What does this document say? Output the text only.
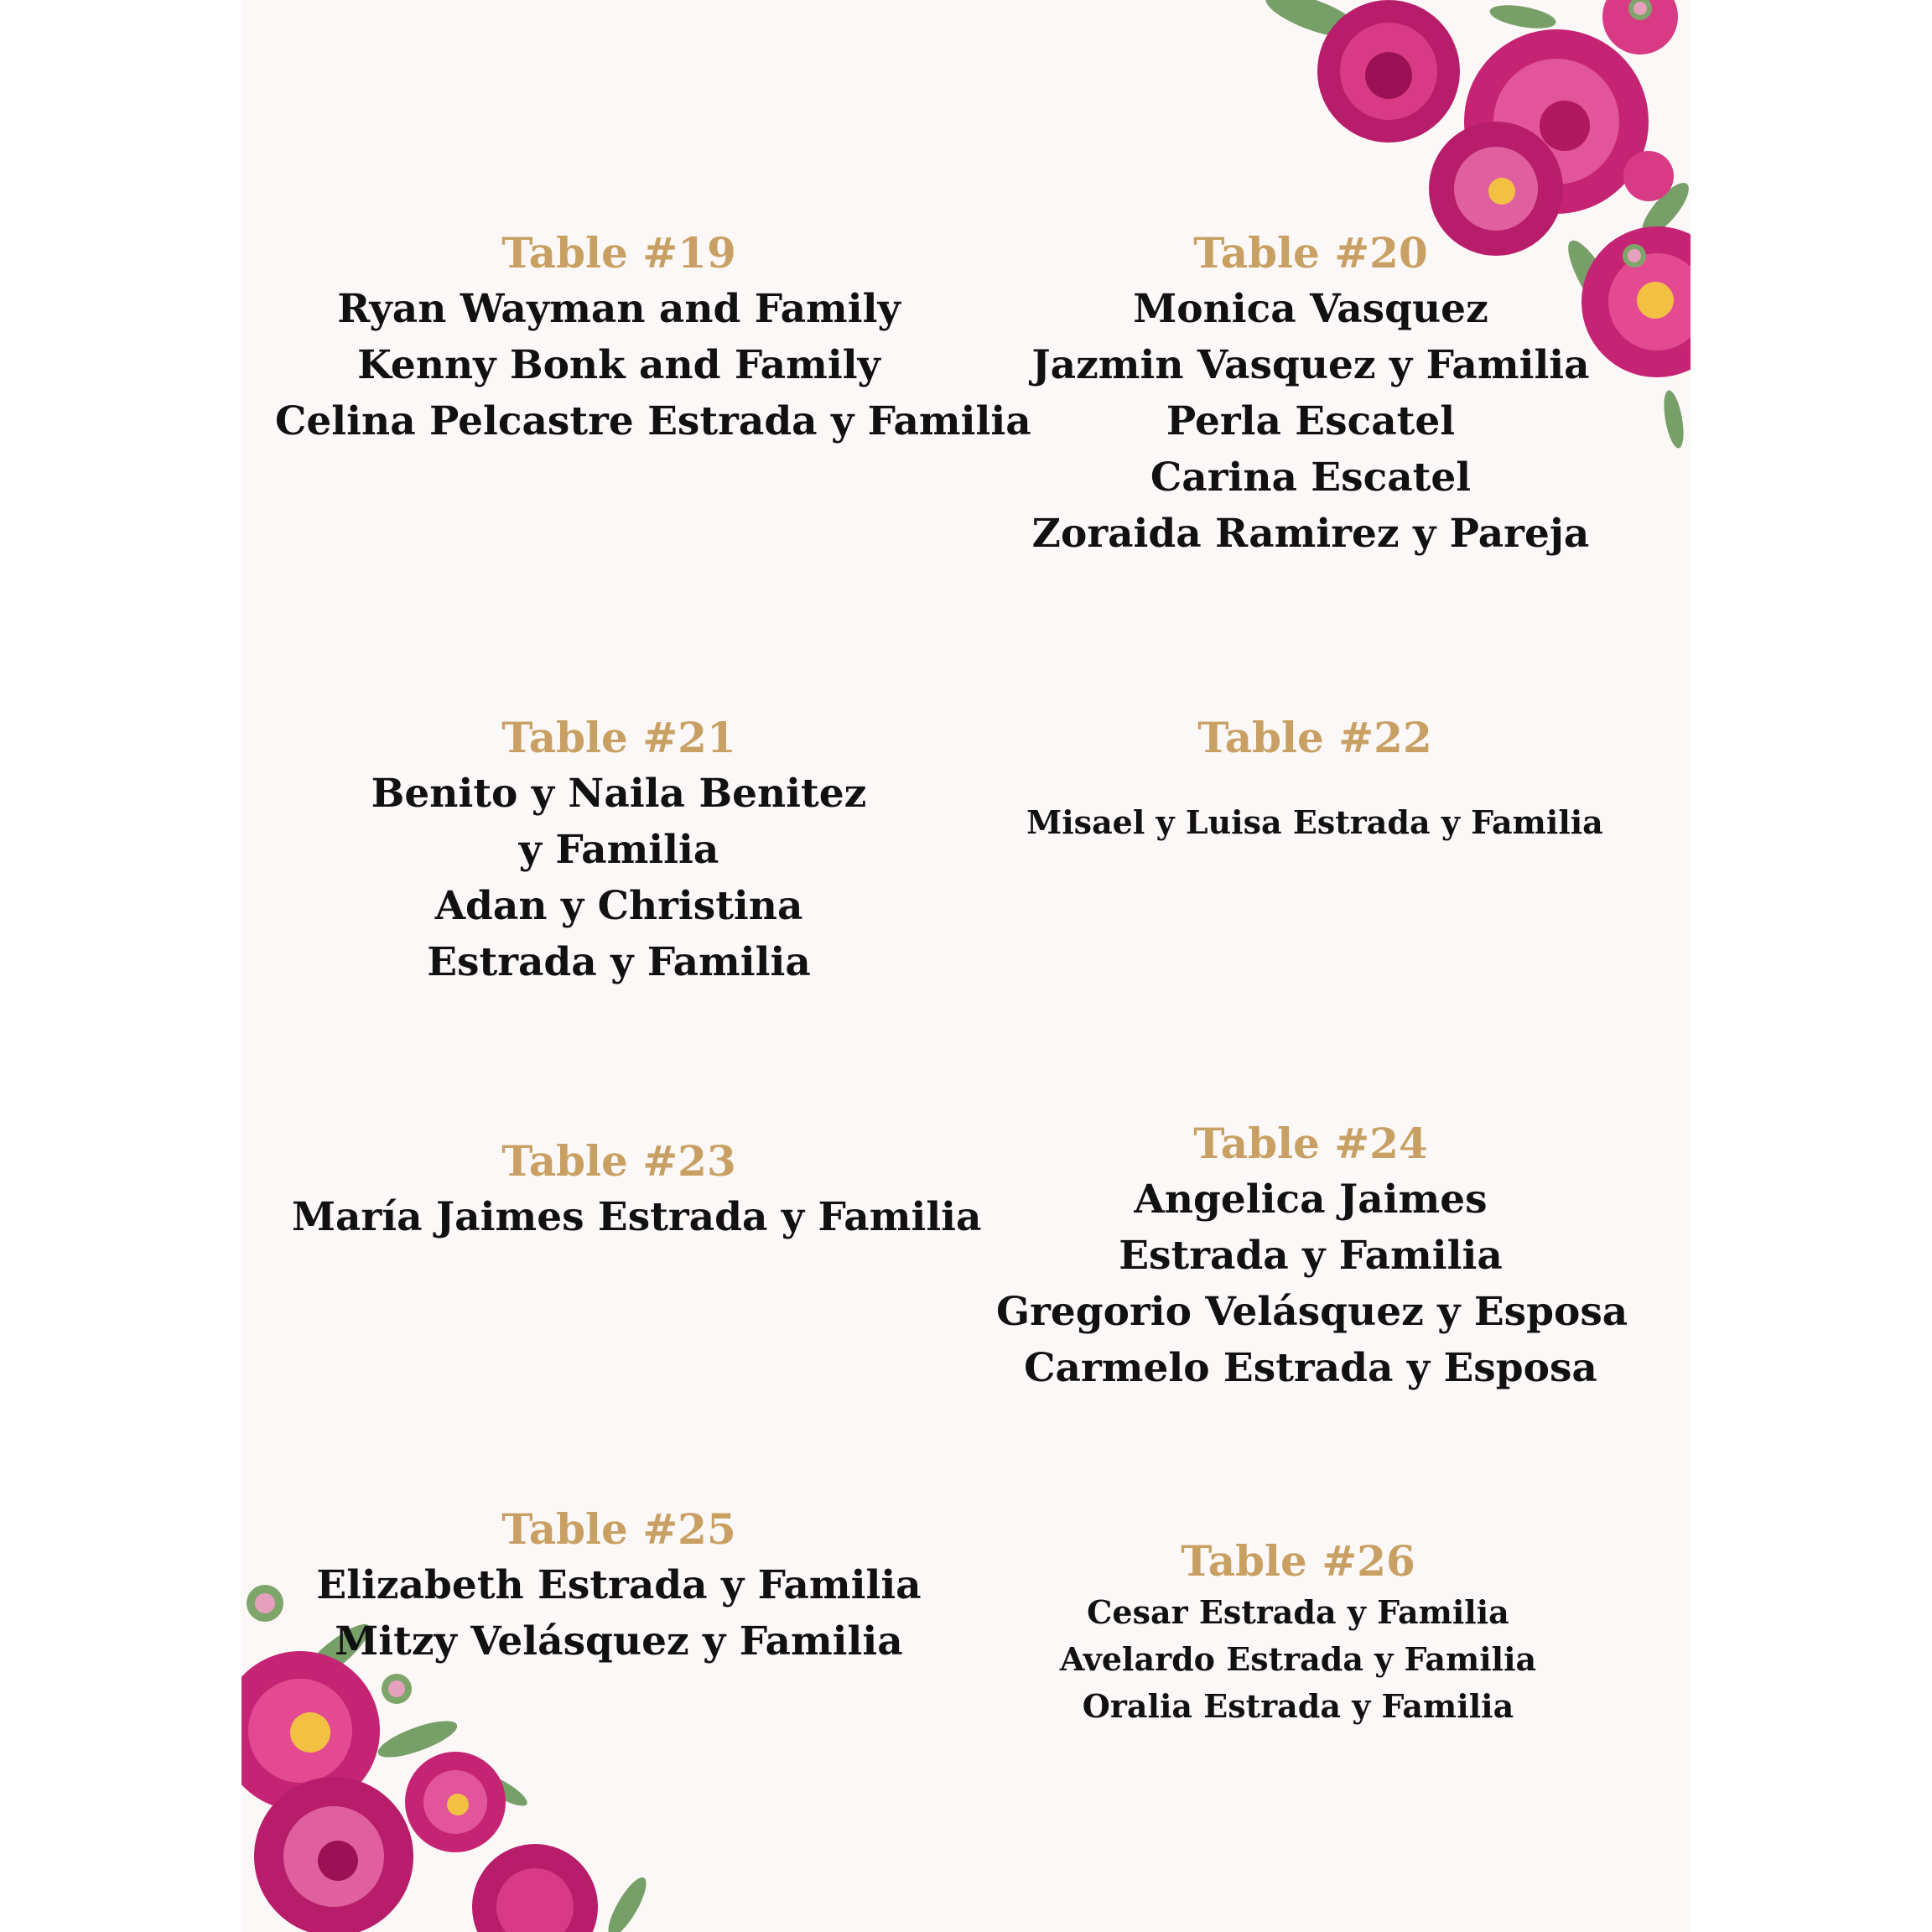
Table #19
Ryan Wayman and Family
Kenny Bonk and Family
Celina Pelcastre Estrada y Familia
Table #20
Monica Vasquez
Jazmin Vasquez y Familia
Perla Escatel
Carina Escatel
Zoraida Ramirez y Pareja
Table #21
Benito y Naila Benitez y Familia
Adan y Christina Estrada y Familia
Table #22
Misael y Luisa Estrada y Familia
Table #23
María Jaimes Estrada y Familia
Table #24
Angelica Jaimes Estrada y Familia
Gregorio Velásquez y Esposa
Carmelo Estrada y Esposa
Table #25
Elizabeth Estrada y Familia
Mitzy Velásquez y Familia
Table #26
Cesar Estrada y Familia
Avelardo Estrada y Familia
Oralia Estrada y Familia
